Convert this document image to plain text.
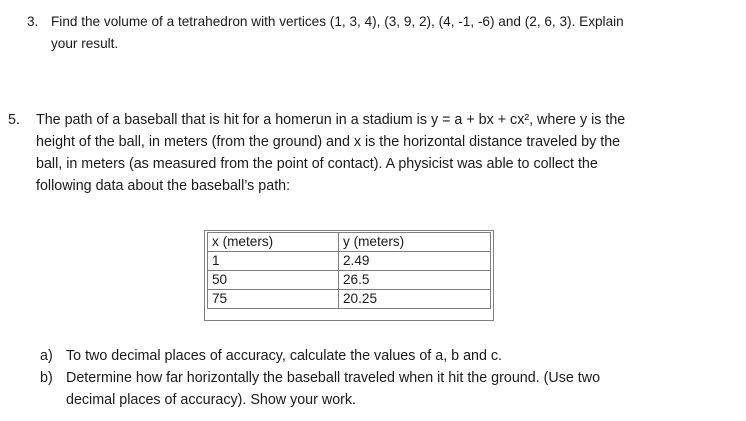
3. Find the volume of a tetrahedron with vertices (1, 3, 4), (3, 9, 2), (4, -1, -6) and (2, 6, 3). Explain
your result.
5. The path of a baseball that is hit for a homerun in a stadium is y = a + bx + cx², where y is the
height of the ball, in meters (from the ground) and x is the horizontal distance traveled by the
ball, in meters (as measured from the point of contact). A physicist was able to collect the
following data about the baseball’s path:
x (meters)	y (meters)
1	2.49
50	26.5
75	20.25
a) To two decimal places of accuracy, calculate the values of a, b and c.
b) Determine how far horizontally the baseball traveled when it hit the ground. (Use two
decimal places of accuracy). Show your work.
